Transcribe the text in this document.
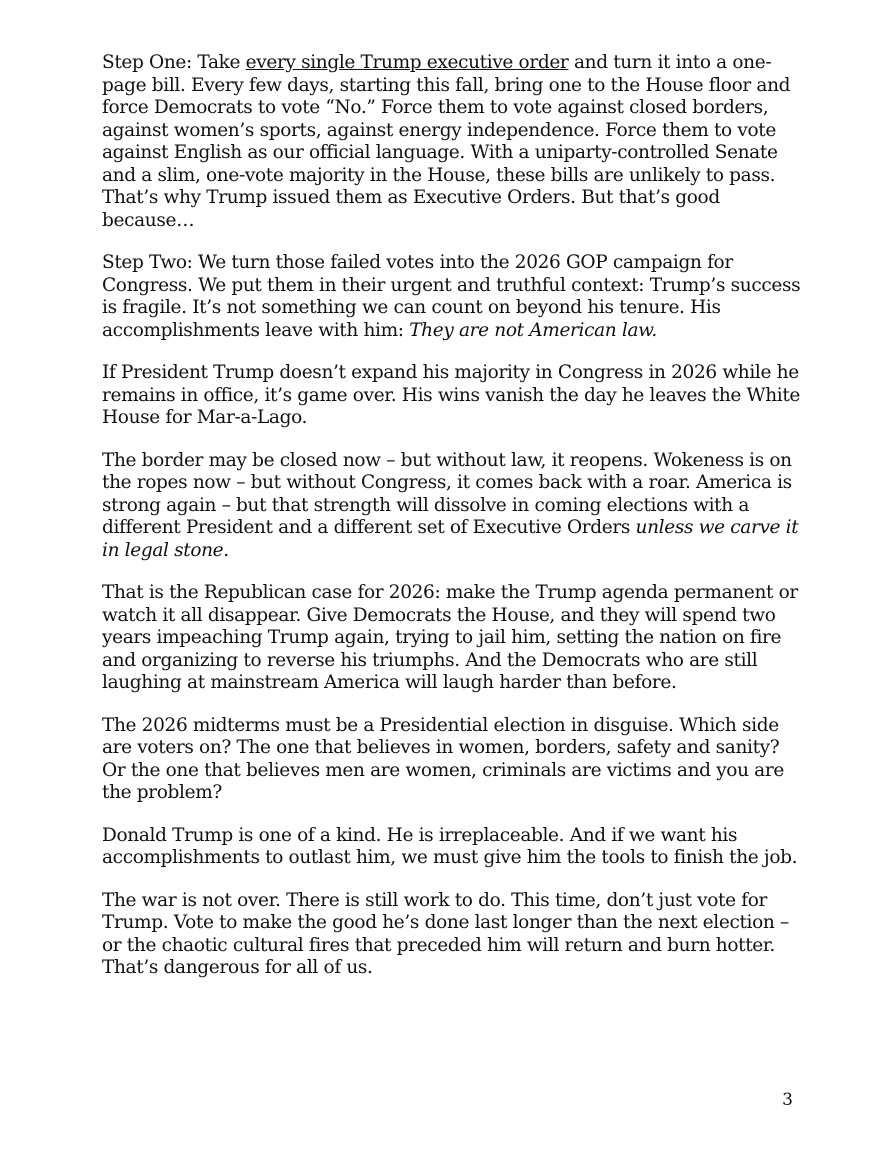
Step One: Take every single Trump executive order and turn it into a one-page bill. Every few days, starting this fall, bring one to the House floor and force Democrats to vote “No.” Force them to vote against closed borders, against women’s sports, against energy independence. Force them to vote against English as our official language. With a uniparty-controlled Senate and a slim, one-vote majority in the House, these bills are unlikely to pass. That’s why Trump issued them as Executive Orders. But that’s good because…

Step Two: We turn those failed votes into the 2026 GOP campaign for Congress. We put them in their urgent and truthful context: Trump’s success is fragile. It’s not something we can count on beyond his tenure. His accomplishments leave with him: They are not American law.

If President Trump doesn’t expand his majority in Congress in 2026 while he remains in office, it’s game over. His wins vanish the day he leaves the White House for Mar-a-Lago.

The border may be closed now – but without law, it reopens. Wokeness is on the ropes now – but without Congress, it comes back with a roar. America is strong again – but that strength will dissolve in coming elections with a different President and a different set of Executive Orders unless we carve it in legal stone.

That is the Republican case for 2026: make the Trump agenda permanent or watch it all disappear. Give Democrats the House, and they will spend two years impeaching Trump again, trying to jail him, setting the nation on fire and organizing to reverse his triumphs. And the Democrats who are still laughing at mainstream America will laugh harder than before.

The 2026 midterms must be a Presidential election in disguise. Which side are voters on? The one that believes in women, borders, safety and sanity? Or the one that believes men are women, criminals are victims and you are the problem?

Donald Trump is one of a kind. He is irreplaceable. And if we want his accomplishments to outlast him, we must give him the tools to finish the job.

The war is not over. There is still work to do. This time, don’t just vote for Trump. Vote to make the good he’s done last longer than the next election – or the chaotic cultural fires that preceded him will return and burn hotter. That’s dangerous for all of us.

3
